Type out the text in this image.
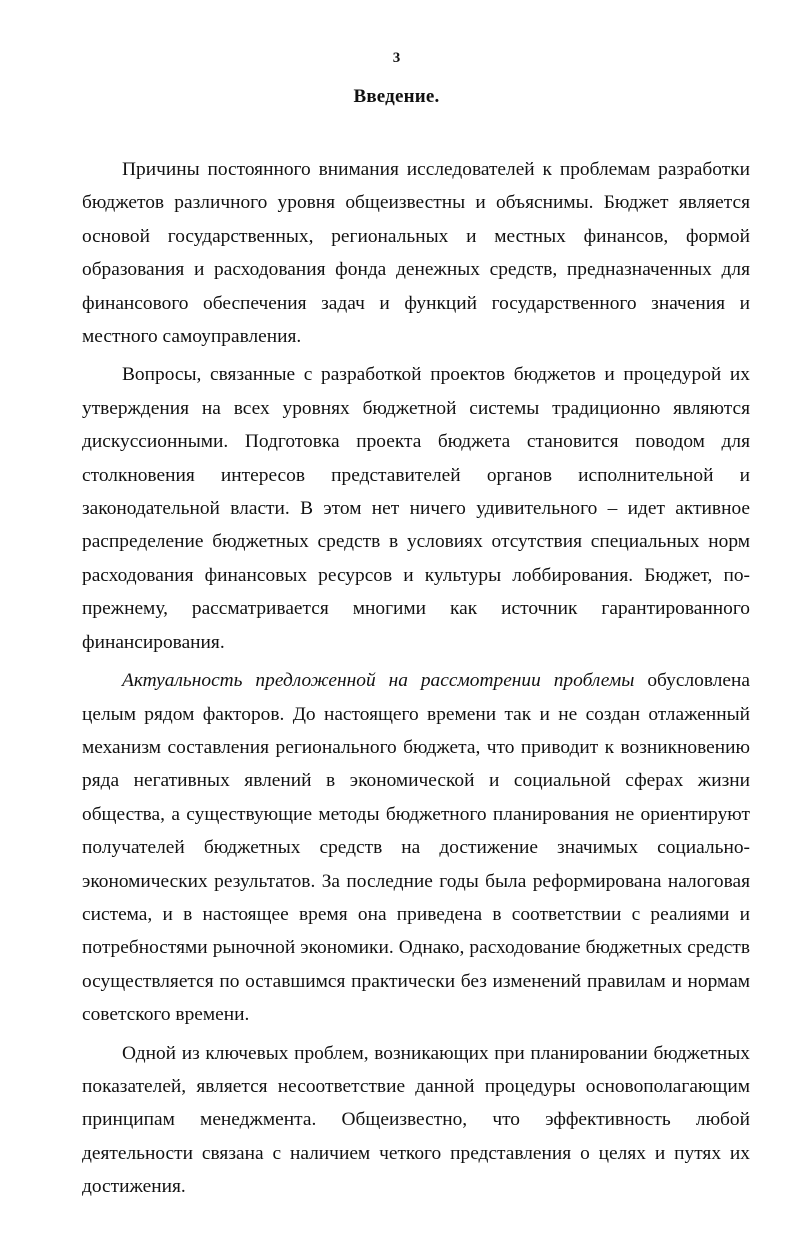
3
Введение.

Причины постоянного внимания исследователей к проблемам разработки бюджетов различного уровня общеизвестны и объяснимы. Бюджет является основой государственных, региональных и местных финансов, формой образования и расходования фонда денежных средств, предназначенных для финансового обеспечения задач и функций государственного значения и местного самоуправления.

Вопросы, связанные с разработкой проектов бюджетов и процедурой их утверждения на всех уровнях бюджетной системы традиционно являются дискуссионными. Подготовка проекта бюджета становится поводом для столкновения интересов представителей органов исполнительной и законодательной власти. В этом нет ничего удивительного – идет активное распределение бюджетных средств в условиях отсутствия специальных норм расходования финансовых ресурсов и культуры лоббирования. Бюджет, по-прежнему, рассматривается многими как источник гарантированного финансирования.

Актуальность предложенной на рассмотрении проблемы обусловлена целым рядом факторов. До настоящего времени так и не создан отлаженный механизм составления регионального бюджета, что приводит к возникновению ряда негативных явлений в экономической и социальной сферах жизни общества, а существующие методы бюджетного планирования не ориентируют получателей бюджетных средств на достижение значимых социально-экономических результатов. За последние годы была реформирована налоговая система, и в настоящее время она приведена в соответствии с реалиями и потребностями рыночной экономики. Однако, расходование бюджетных средств осуществляется по оставшимся практически без изменений правилам и нормам советского времени.

Одной из ключевых проблем, возникающих при планировании бюджетных показателей, является несоответствие данной процедуры основополагающим принципам менеджмента. Общеизвестно, что эффективность любой деятельности связана с наличием четкого представления о целях и путях их достижения.
